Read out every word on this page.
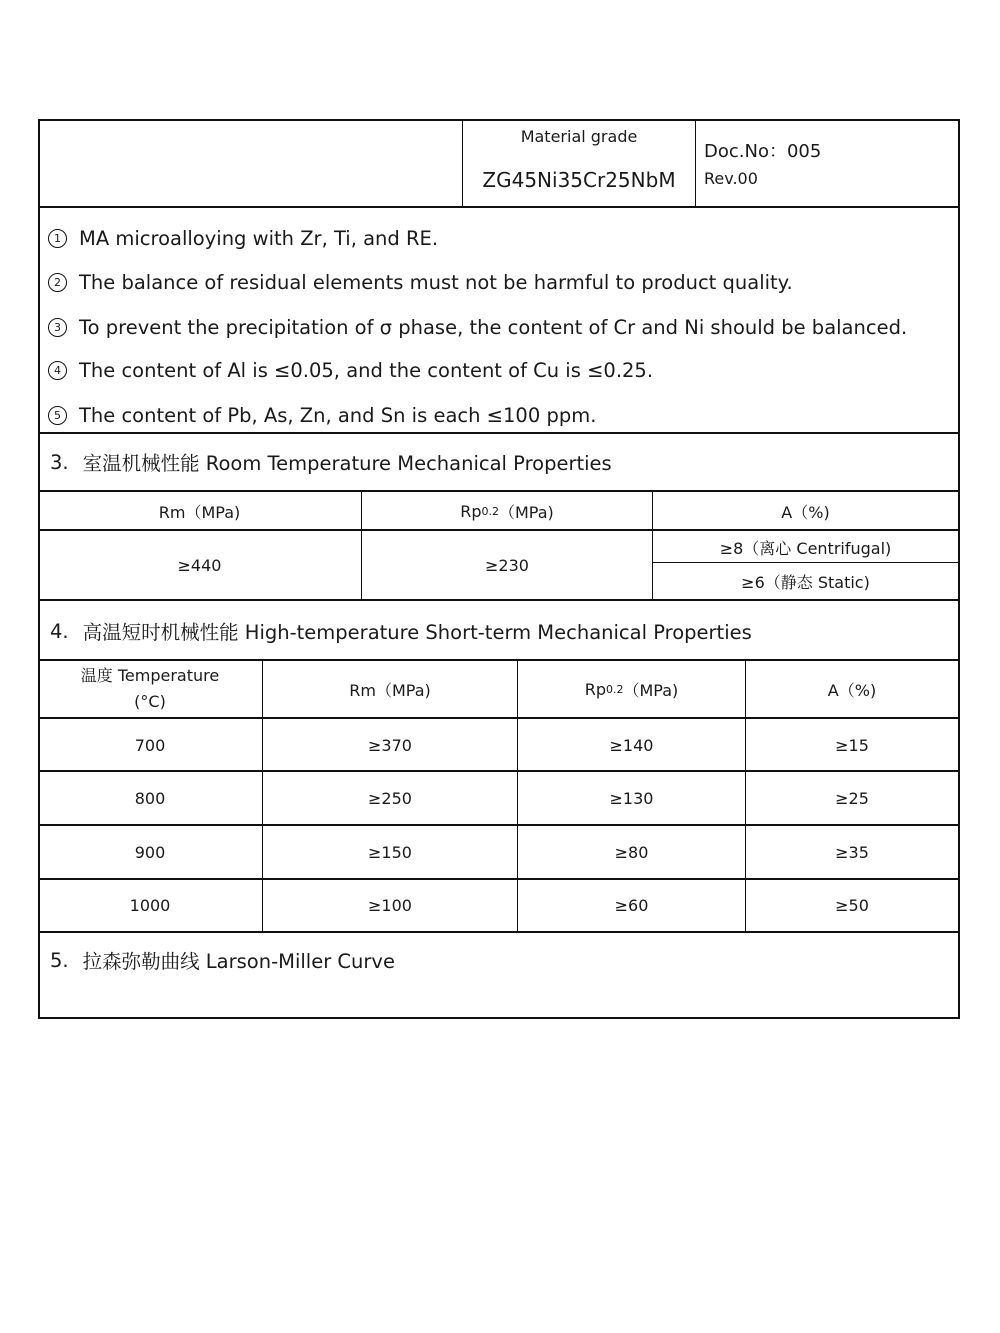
Material grade
ZG45Ni35Cr25NbM
Doc.No：005
Rev.00
1 MA microalloying with Zr, Ti, and RE.
2 The balance of residual elements must not be harmful to product quality.
3 To prevent the precipitation of σ phase, the content of Cr and Ni should be balanced.
4 The content of Al is ≤0.05, and the content of Cu is ≤0.25.
5 The content of Pb, As, Zn, and Sn is each ≤100 ppm.
3. 室温机械性能 Room Temperature Mechanical Properties
Rm（MPa)	Rp 0.2 （MPa)	A（%)
≥440	≥230
≥8（离心 Centrifugal)
≥6（静态 Static)
4. 高温短时机械性能 High-temperature Short-term Mechanical Properties
温度 Temperature
(°C)
Rm（MPa)	Rp 0.2 （MPa)	A（%)
700	≥370	≥140	≥15
800	≥250	≥130	≥25
900	≥150	≥80	≥35
1000	≥100	≥60	≥50
5. 拉森弥勒曲线 Larson-Miller Curve
